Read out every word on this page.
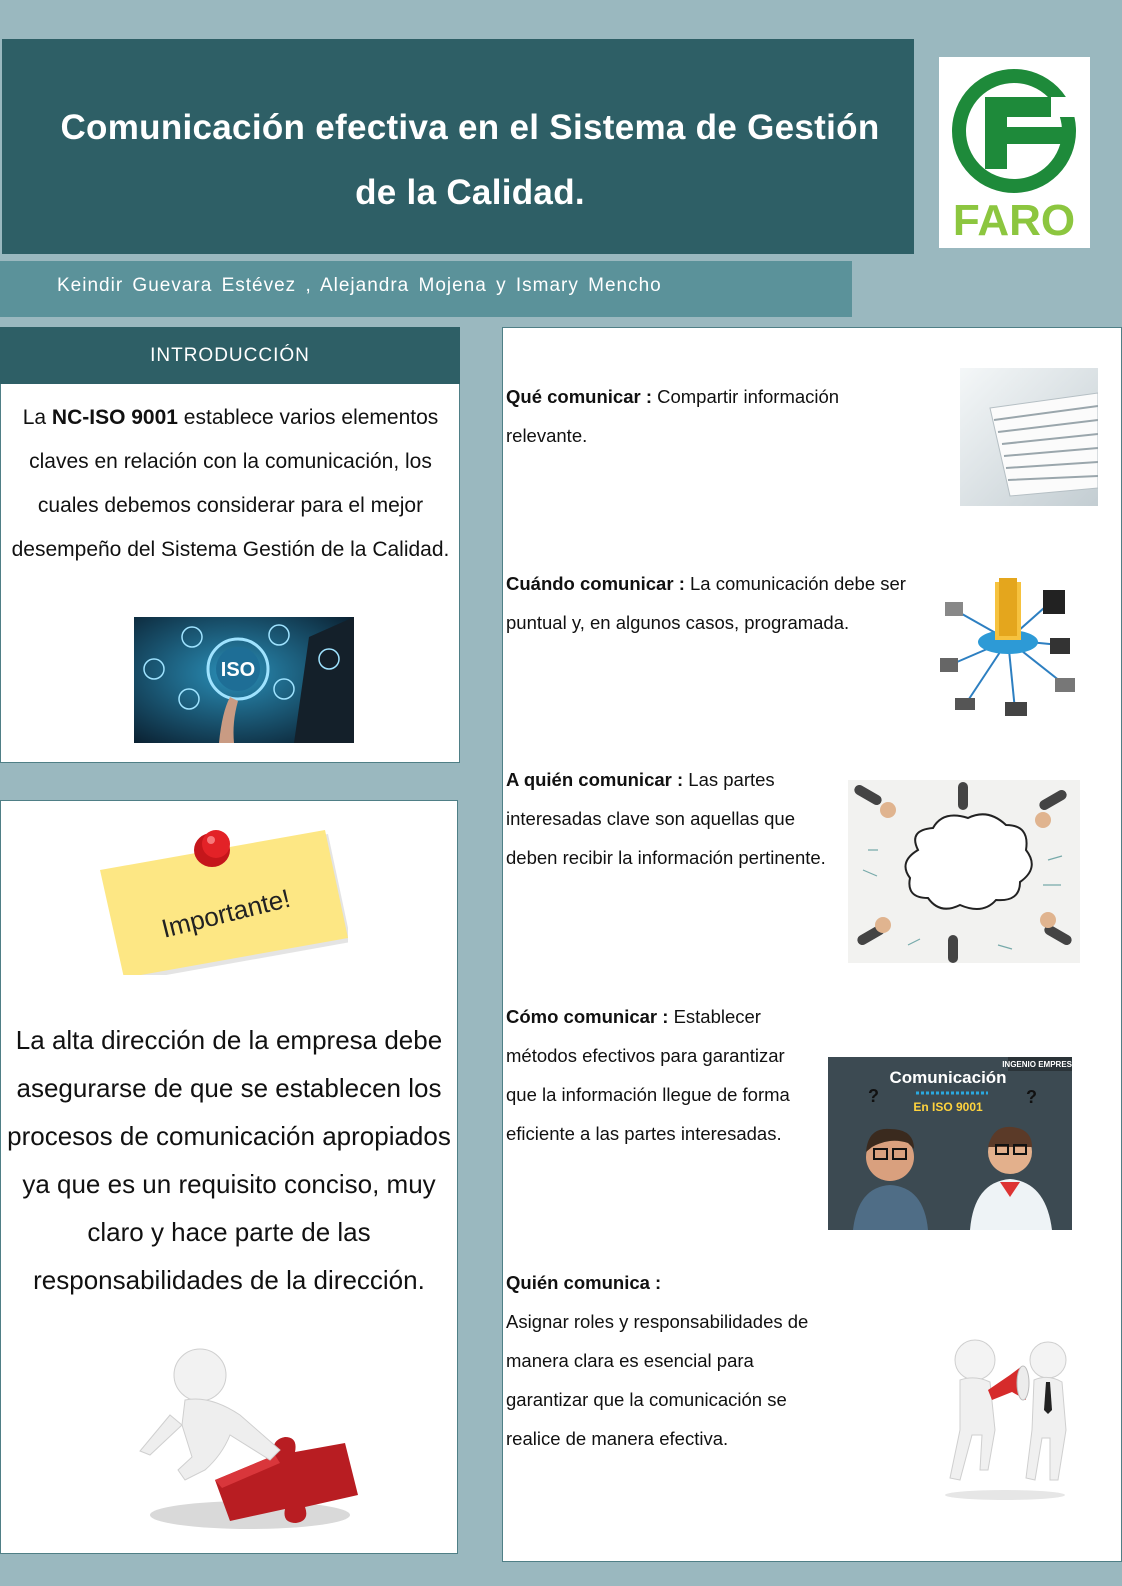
Comunicación efectiva en el Sistema de Gestión de la Calidad.
FARO
Keindir Guevara Estévez , Alejandra Mojena y Ismary Mencho
INTRODUCCIÓN
La NC-ISO 9001 establece varios elementos claves en relación con la comunicación, los cuales debemos considerar para el mejor desempeño del Sistema Gestión de la Calidad.
ISO
Importante!
La alta dirección de la empresa debe asegurarse de que se establecen los procesos de comunicación apropiados ya que es un requisito conciso, muy claro y hace parte de las responsabilidades de la dirección.
Qué comunicar : Compartir información relevante.
Cuándo comunicar : La comunicación debe ser puntual y, en algunos casos, programada.
A quién comunicar : Las partes interesadas clave son aquellas que deben recibir la información pertinente.
Cómo comunicar : Establecer métodos efectivos para garantizar que la información llegue de forma eficiente a las partes interesadas.
INGENIO EMPRESA
Comunicación
En ISO 9001
?	?
Quién comunica :
Asignar roles y responsabilidades de manera clara es esencial para garantizar que la comunicación se realice de manera efectiva.
